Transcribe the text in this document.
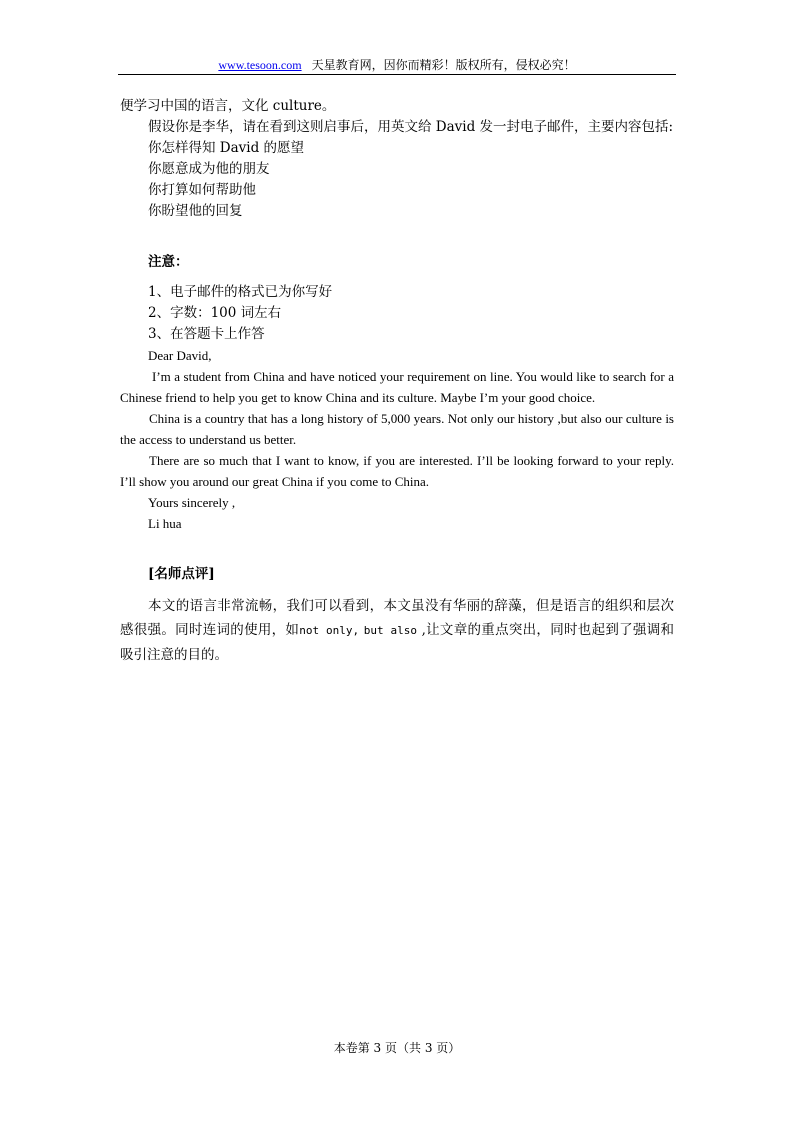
www.tesoon.com 天星教育网，因你而精彩！版权所有，侵权必究！
便学习中国的语言，文化 culture。
假设你是李华，请在看到这则启事后，用英文给 David 发一封电子邮件，主要内容包括:
你怎样得知 David 的愿望
你愿意成为他的朋友
你打算如何帮助他
你盼望他的回复
注意：
1、电子邮件的格式已为你写好
2、字数：100 词左右
3、在答题卡上作答
Dear David,
I’m a student from China and have noticed your requirement on line. You would like to search for a Chinese friend to help you get to know China and its culture. Maybe I’m your good choice.
China is a country that has a long history of 5,000 years. Not only our history ,but also our culture is the access to understand us better.
There are so much that I want to know, if you are interested. I’ll be looking forward to your reply. I’ll show you around our great China if you come to China.
Yours sincerely ,
Li hua
[名师点评]
本文的语言非常流畅，我们可以看到，本文虽没有华丽的辞藻，但是语言的组织和层次感很强。同时连词的使用，如not only, but also ,让文章的重点突出，同时也起到了强调和吸引注意的目的。
本卷第 3 页（共 3 页）
